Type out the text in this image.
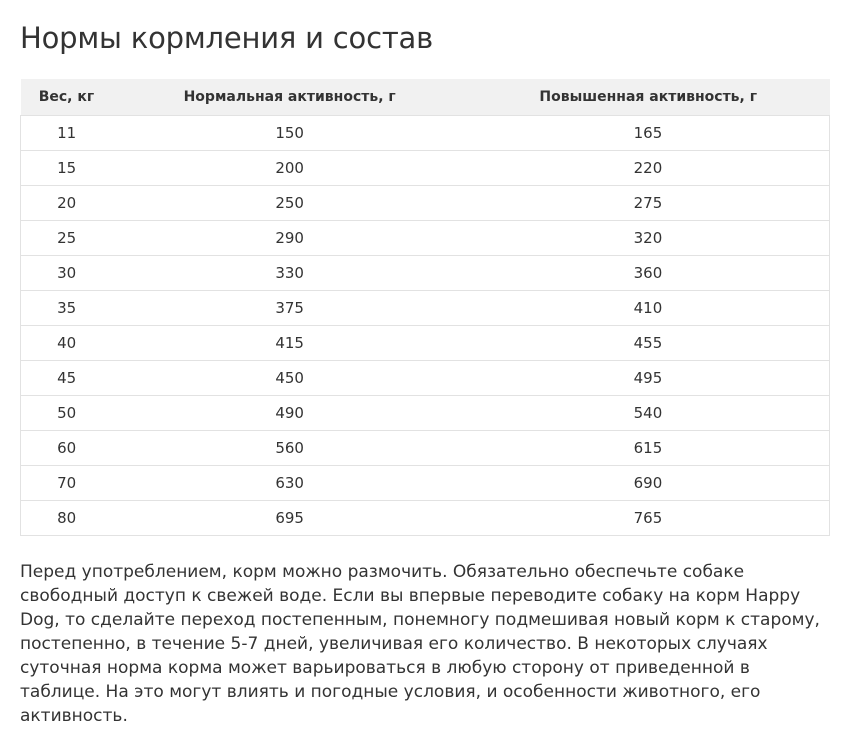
Нормы кормления и состав
Вес, кг	Нормальная активность, г	Повышенная активность, г
11	150	165
15	200	220
20	250	275
25	290	320
30	330	360
35	375	410
40	415	455
45	450	495
50	490	540
60	560	615
70	630	690
80	695	765

Перед употреблением, корм можно размочить. Обязательно обеспечьте собаке свободный доступ к свежей воде. Если вы впервые переводите собаку на корм Happy Dog, то сделайте переход постепенным, понемногу подмешивая новый корм к старому, постепенно, в течение 5-7 дней, увеличивая его количество. В некоторых случаях суточная норма корма может варьироваться в любую сторону от приведенной в таблице. На это могут влиять и погодные условия, и особенности животного, его активность.
